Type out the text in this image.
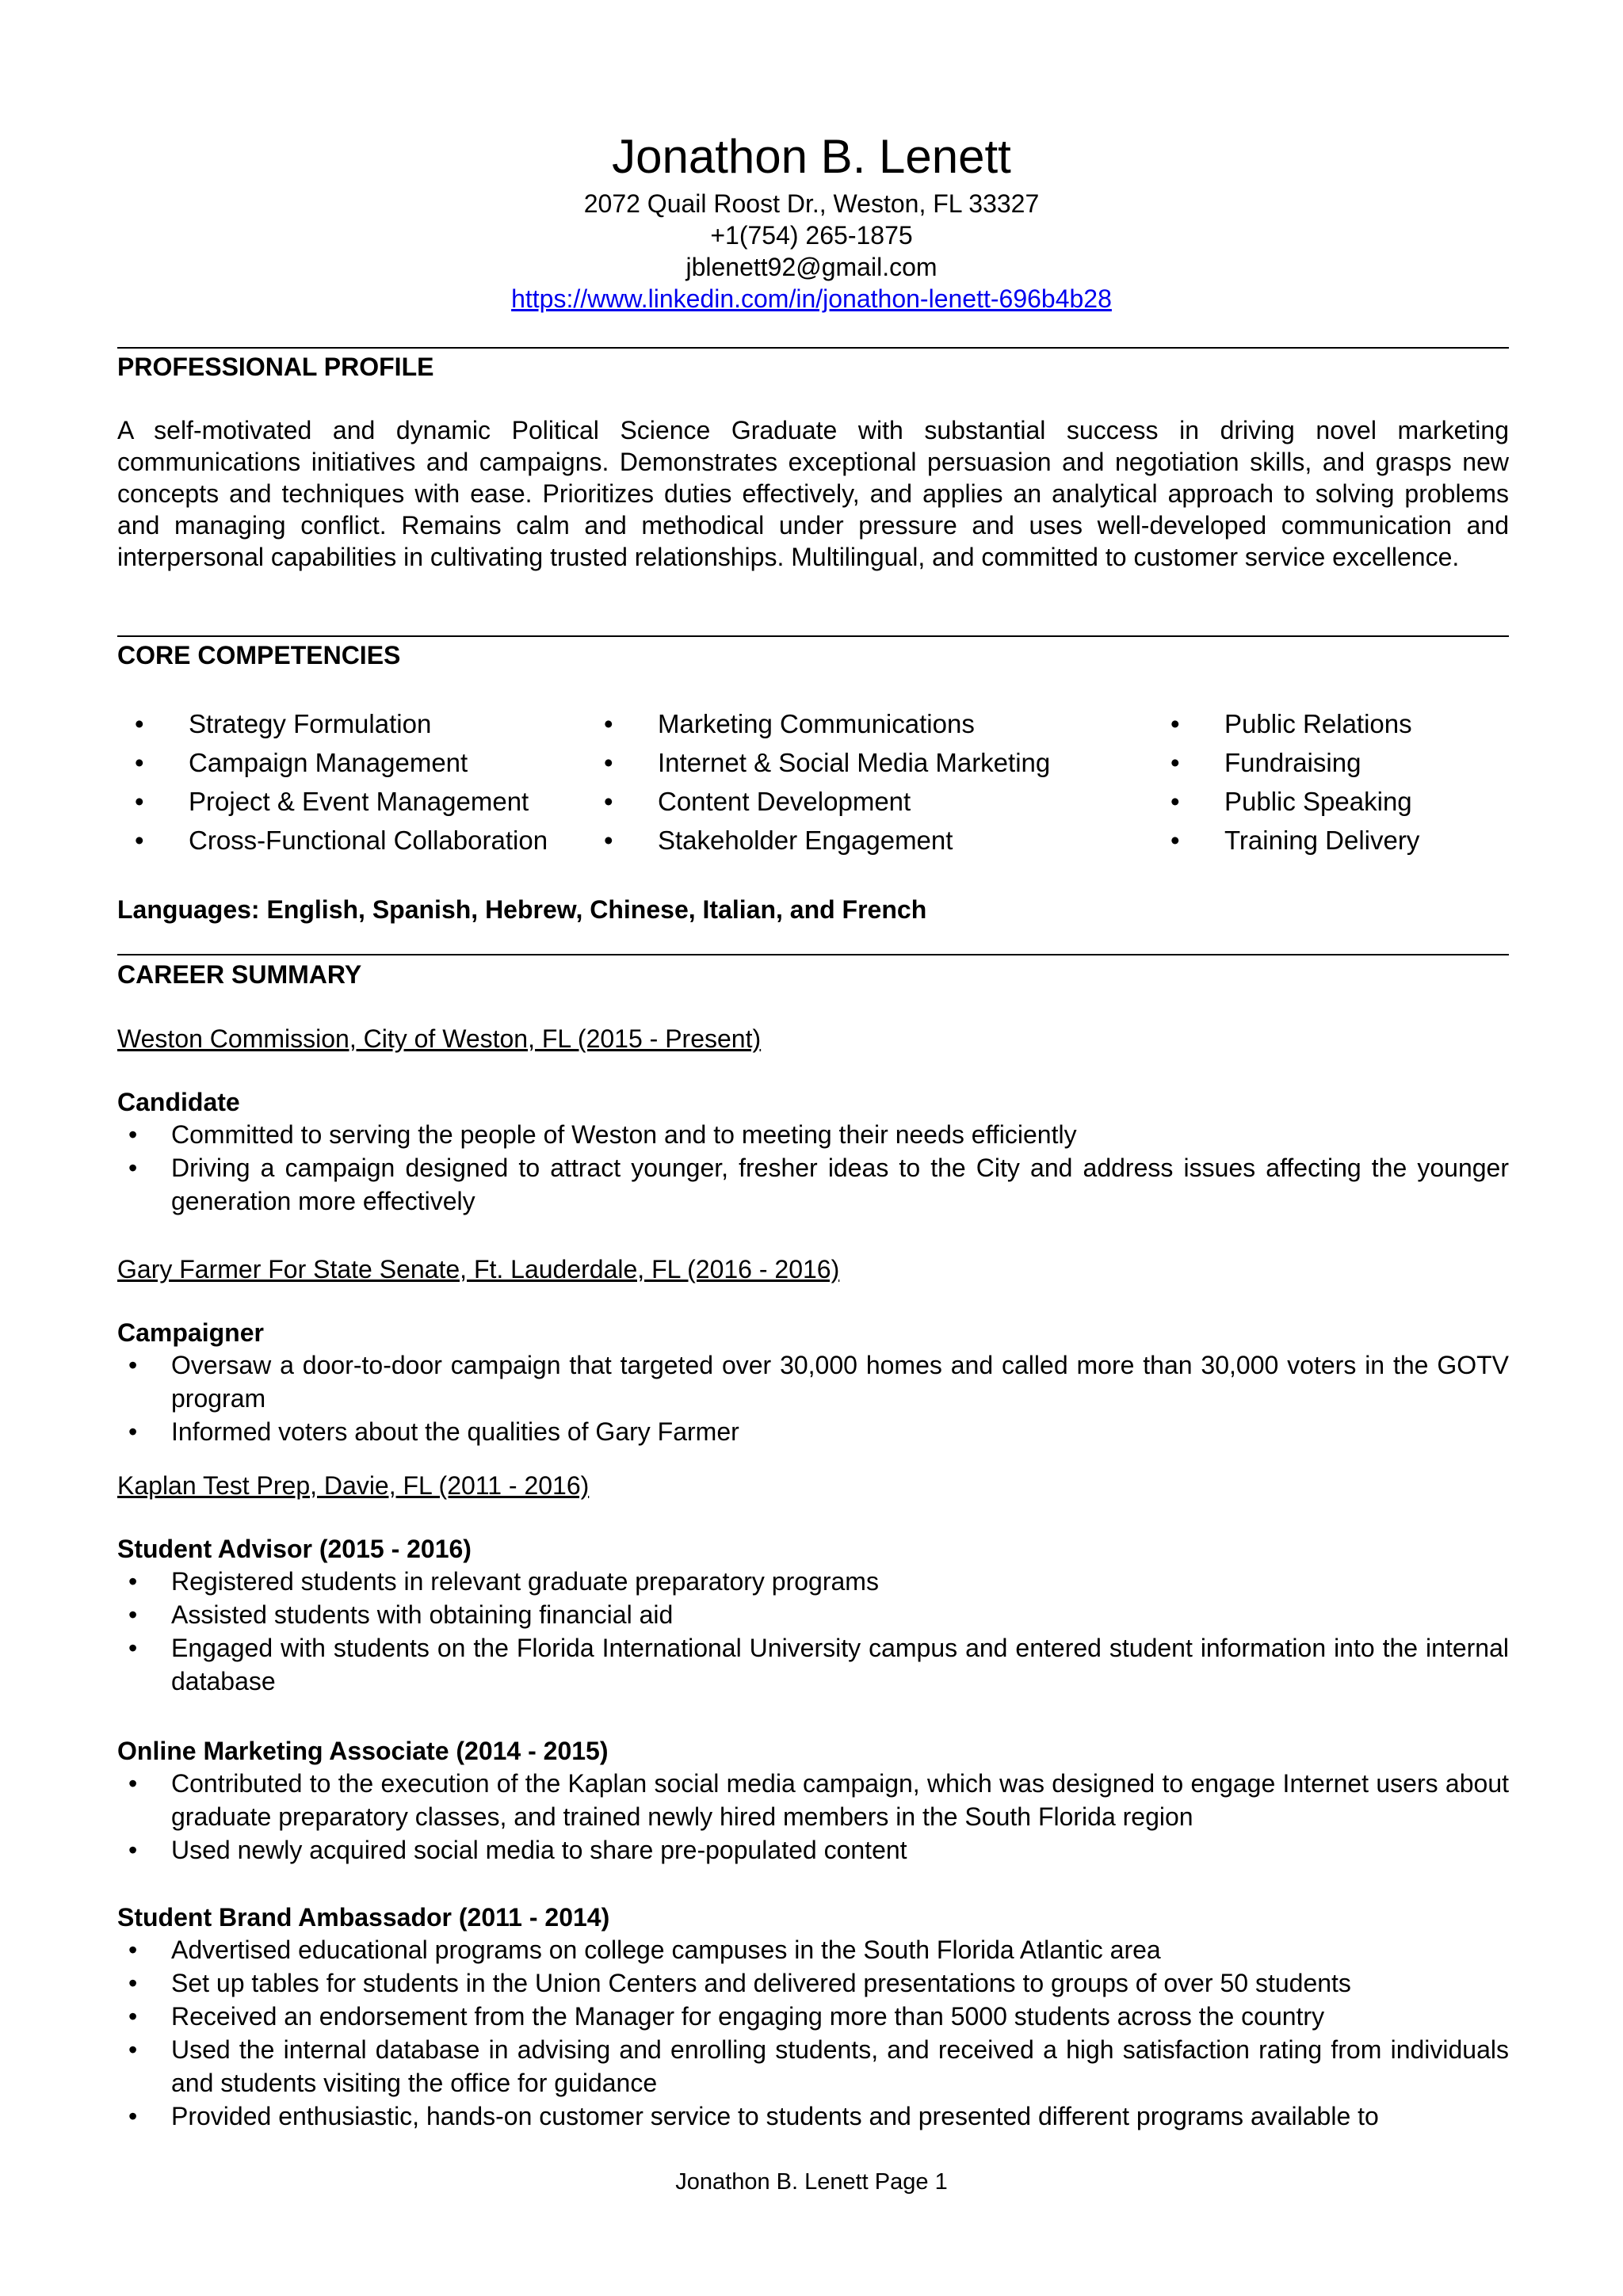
Jonathon B. Lenett
2072 Quail Roost Dr., Weston, FL 33327
+1(754) 265-1875
jblenett92@gmail.com
https://www.linkedin.com/in/jonathon-lenett-696b4b28
PROFESSIONAL PROFILE
A self-motivated and dynamic Political Science Graduate with substantial success in driving novel marketing communications initiatives and campaigns. Demonstrates exceptional persuasion and negotiation skills, and grasps new concepts and techniques with ease. Prioritizes duties effectively, and applies an analytical approach to solving problems and managing conflict. Remains calm and methodical under pressure and uses well-developed communication and interpersonal capabilities in cultivating trusted relationships. Multilingual, and committed to customer service excellence.
CORE COMPETENCIES
• Strategy Formulation
• Campaign Management
• Project & Event Management
• Cross-Functional Collaboration
• Marketing Communications
• Internet & Social Media Marketing
• Content Development
• Stakeholder Engagement
• Public Relations
• Fundraising
• Public Speaking
• Training Delivery
Languages: English, Spanish, Hebrew, Chinese, Italian, and French
CAREER SUMMARY
Weston Commission, City of Weston, FL (2015 - Present)
Candidate
• Committed to serving the people of Weston and to meeting their needs efficiently
• Driving a campaign designed to attract younger, fresher ideas to the City and address issues affecting the younger generation more effectively
Gary Farmer For State Senate, Ft. Lauderdale, FL (2016 - 2016)
Campaigner
• Oversaw a door-to-door campaign that targeted over 30,000 homes and called more than 30,000 voters in the GOTV program
• Informed voters about the qualities of Gary Farmer
Kaplan Test Prep, Davie, FL (2011 - 2016)
Student Advisor (2015 - 2016)
• Registered students in relevant graduate preparatory programs
• Assisted students with obtaining financial aid
• Engaged with students on the Florida International University campus and entered student information into the internal database
Online Marketing Associate (2014 - 2015)
• Contributed to the execution of the Kaplan social media campaign, which was designed to engage Internet users about graduate preparatory classes, and trained newly hired members in the South Florida region
• Used newly acquired social media to share pre-populated content
Student Brand Ambassador (2011 - 2014)
• Advertised educational programs on college campuses in the South Florida Atlantic area
• Set up tables for students in the Union Centers and delivered presentations to groups of over 50 students
• Received an endorsement from the Manager for engaging more than 5000 students across the country
• Used the internal database in advising and enrolling students, and received a high satisfaction rating from individuals and students visiting the office for guidance
• Provided enthusiastic, hands-on customer service to students and presented different programs available to
Jonathon B. Lenett Page 1
